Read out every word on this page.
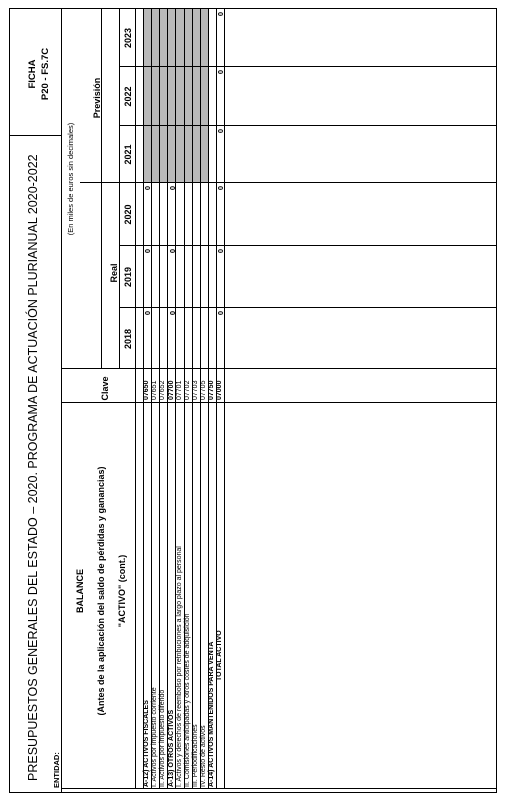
PRESUPUESTOS GENERALES DEL ESTADO – 2020. PROGRAMA DE ACTUACIÓN PLURIANUAL 2020-2022
FICHA P20 - FS.7C
ENTIDAD:
BALANCE (Antes de la aplicación del saldo de pérdidas y ganancias) "ACTIVO" (cont.)
Clave
(En miles de euros sin decimales)
Real
Previsión
2018
2019
2020
2021
2022
2023
A-12) ACTIVOS FISCALES
07650
0
0
0
I. Activos por impuesto corriente
07651
II. Activos por impuesto diferido
07652
A-13) OTROS ACTIVOS
07700
0
0
0
I. Activos y derechos de reembolso por retribuciones a largo plazo al personal
07701
II. Comisiones anticipadas y otros costes de adquisición
07702
III. Periodificaciones
07703
IV. Resto de activos
07705
A-14) ACTIVOS MANTENIDOS PARA VENTA
07750
TOTAL ACTIVO
07000
0
0
0
0
0
0
